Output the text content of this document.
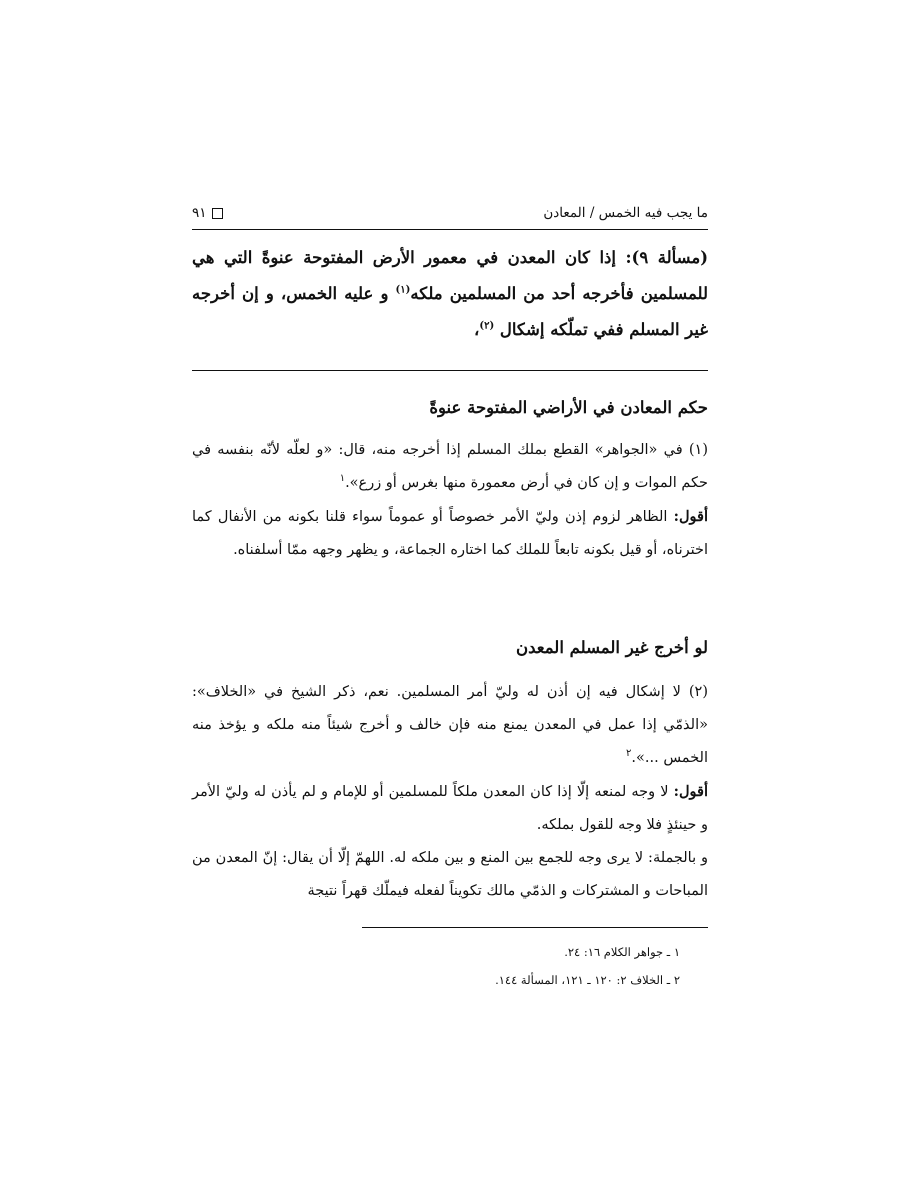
ما يجب فيه الخمس / المعادن
٩١
(مسألة ٩): إذا كان المعدن في معمور الأرض المفتوحة عنوةً التي هي للمسلمين فأخرجه أحد من المسلمين ملكه$^{(١)}$ و عليه الخمس، و إن أخرجه غير المسلم ففي تملّكه إشكال $^{(٢)}$،
حكم المعادن في الأراضي المفتوحة عنوةً

(١) في «الجواهر» القطع بملك المسلم إذا أخرجه منه، قال: «و لعلّه لأنّه بنفسه في حكم الموات و إن كان في أرض معمورة منها بغرس أو زرع».$^١$

أقول: الظاهر لزوم إذن وليّ الأمر خصوصاً أو عموماً سواء قلنا بكونه من الأنفال كما اخترناه، أو قيل بكونه تابعاً للملك كما اختاره الجماعة، و يظهر وجهه ممّا أسلفناه.

لو أخرج غير المسلم المعدن

(٢) لا إشكال فيه إن أذن له وليّ أمر المسلمين. نعم، ذكر الشيخ في «الخلاف»: «الذمّي إذا عمل في المعدن يمنع منه فإن خالف و أخرج شيئاً منه ملكه و يؤخذ منه الخمس ...».$^٢$

أقول: لا وجه لمنعه إلّا إذا كان المعدن ملكاً للمسلمين أو للإمام و لم يأذن له وليّ الأمر و حينئذٍ فلا وجه للقول بملكه.

و بالجملة: لا يرى وجه للجمع بين المنع و بين ملكه له. اللهمّ إلّا أن يقال: إنّ المعدن من المباحات و المشتركات و الذمّي مالك تكويناً لفعله فيملّك قهراً نتيجة

١ ـ جواهر الكلام ١٦: ٢٤.
٢ ـ الخلاف ٢: ١٢٠ ـ ١٢١، المسألة ١٤٤.
